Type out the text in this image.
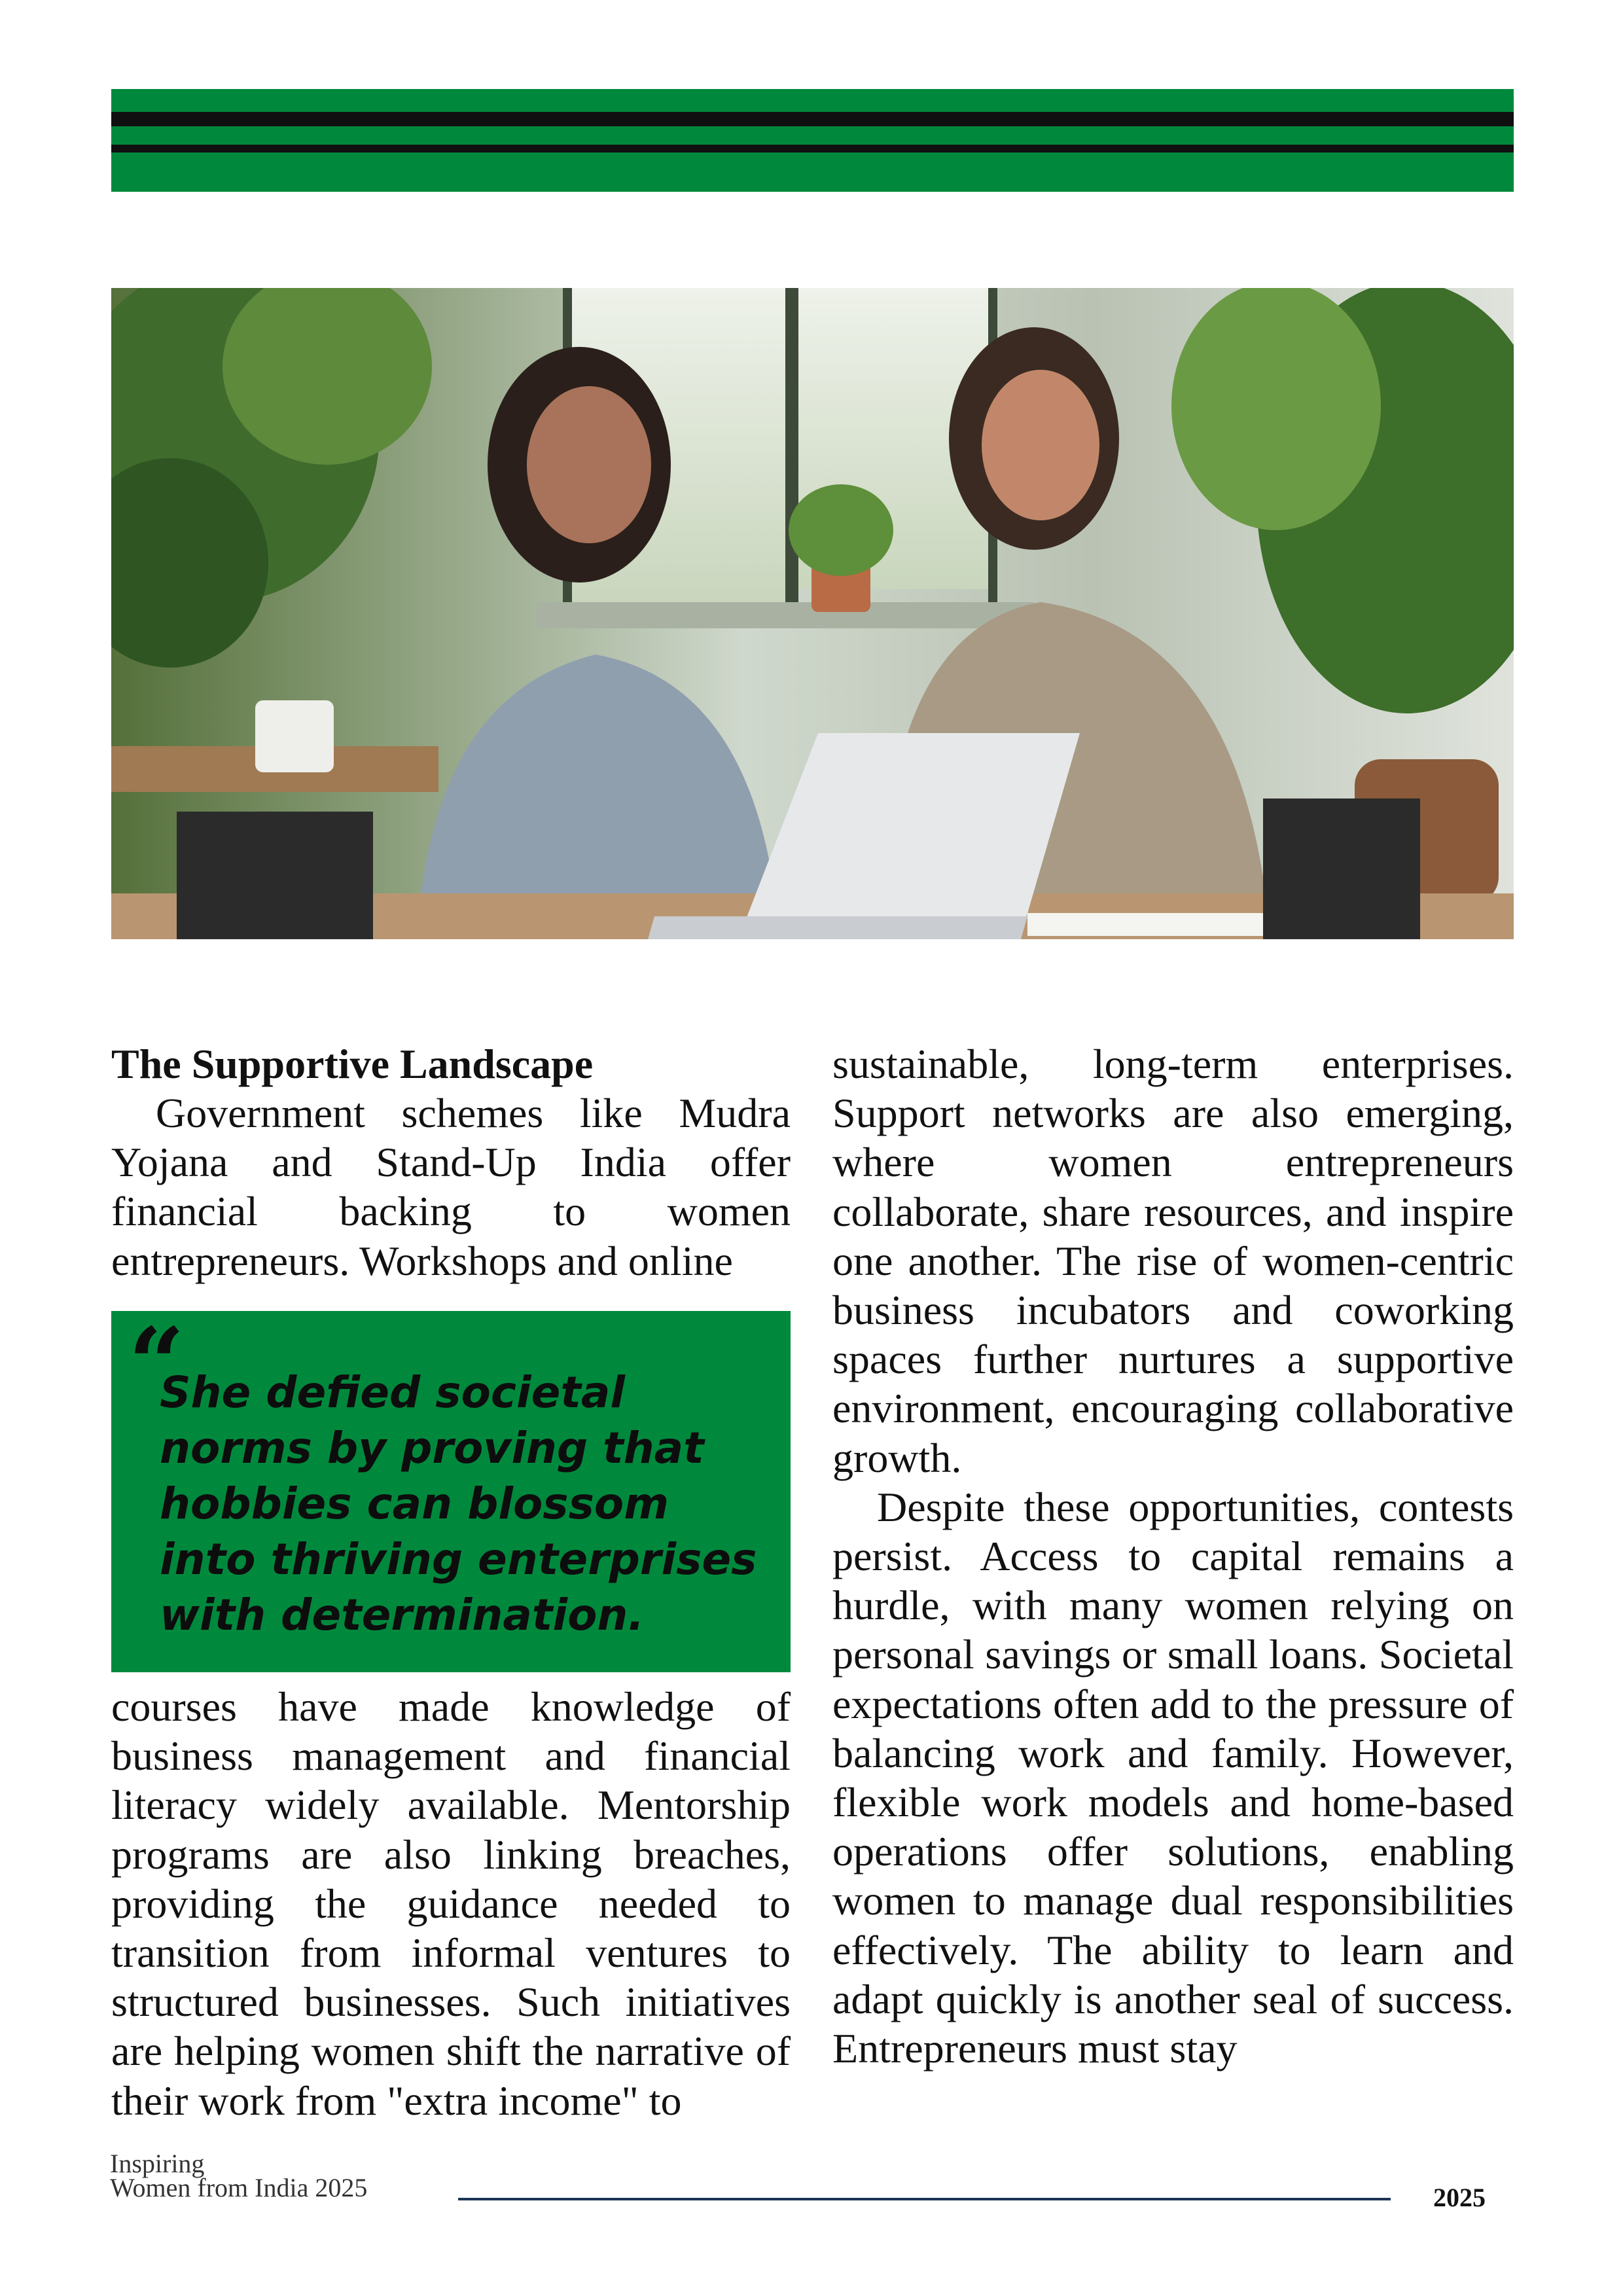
The Supportive Landscape

Government schemes like Mudra Yojana and Stand-Up India offer financial backing to women entrepreneurs. Workshops and online

“
She defied societal norms by proving that hobbies can blossom into thriving enterprises with determination.

courses have made knowledge of business management and financial literacy widely available. Mentorship programs are also linking breaches, providing the guidance needed to transition from informal ventures to structured businesses. Such initiatives are helping women shift the narrative of their work from "extra income" to

sustainable, long-term enterprises. Support networks are also emerging, where women entrepreneurs collaborate, share resources, and inspire one another. The rise of women-centric business incubators and coworking spaces further nurtures a supportive environment, encouraging collaborative growth.

Despite these opportunities, contests persist. Access to capital remains a hurdle, with many women relying on personal savings or small loans. Societal expectations often add to the pressure of balancing work and family. However, flexible work models and home-based operations offer solutions, enabling women to manage dual responsibilities effectively. The ability to learn and adapt quickly is another seal of success. Entrepreneurs must stay

Inspiring
Women from India 2025	2025
